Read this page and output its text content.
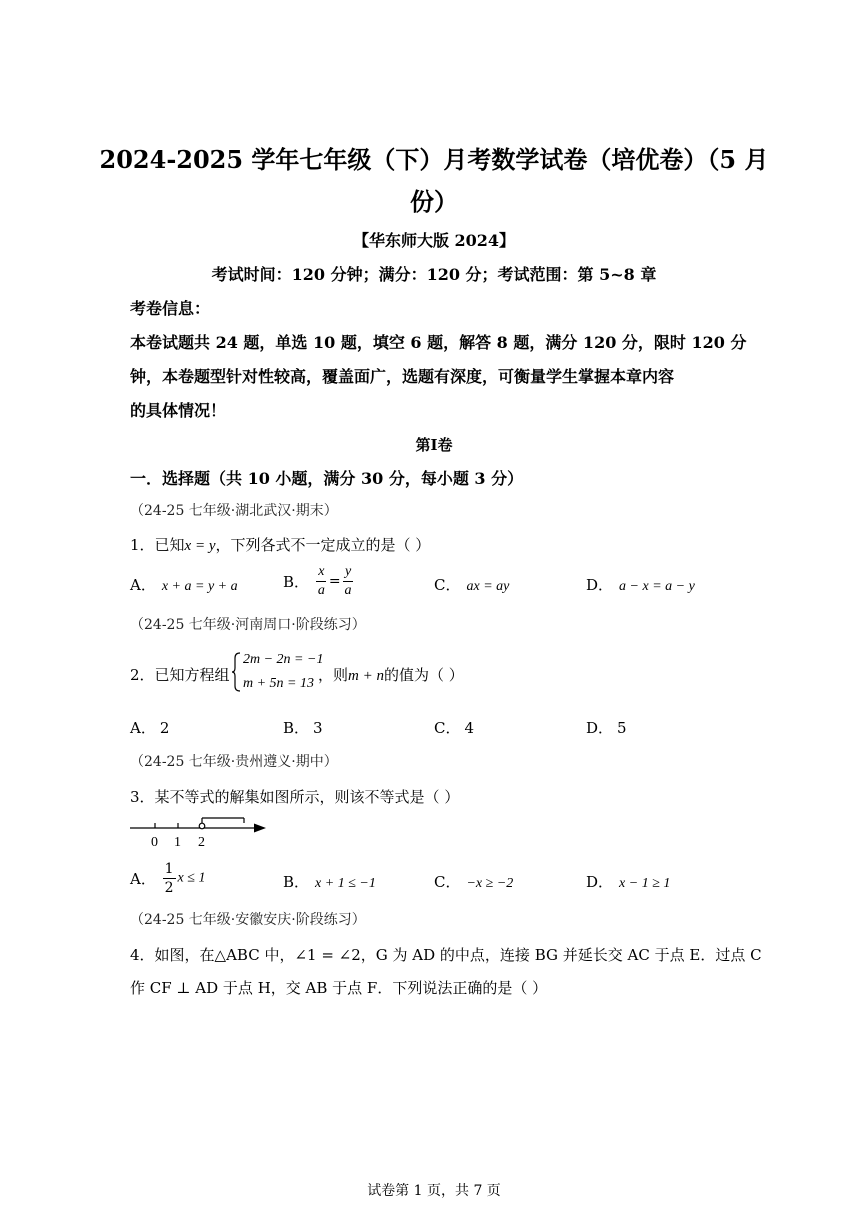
2024-2025 学年七年级（下）月考数学试卷（培优卷）（5 月
份）
【华东师大版 2024】
考试时间：120 分钟；满分：120 分；考试范围：第 5~8 章
考卷信息：
本卷试题共 24 题，单选 10 题，填空 6 题，解答 8 题，满分 120 分，限时 120 分
钟，本卷题型针对性较高，覆盖面广，选题有深度，可衡量学生掌握本章内容
的具体情况！
第Ⅰ卷
一．选择题（共 10 小题，满分 30 分，每小题 3 分）
（24-25 七年级·湖北武汉·期末）
1．已知x = y，下列各式不一定成立的是（ ）
A． x + a = y + a	B． $\frac{x}{a} = \frac{y}{a}$	C． ax = ay	D． a − x = a − y
（24-25 七年级·河南周口·阶段练习）
2．已知方程组
2m − 2n = −1
m + 5n = 13 ，则m + n的值为（ ）
A． 2	B． 3	C． 4	D． 5
（24-25 七年级·贵州遵义·期中）
3．某不等式的解集如图所示，则该不等式是（ ）
0 1 2
A． $\frac{1}{2}$ x ≤ 1	B． x + 1 ≤ −1	C． −x ≥ −2	D． x − 1 ≥ 1
（24-25 七年级·安徽安庆·阶段练习）
4．如图，在△ABC 中，∠1 = ∠2，G 为 AD 的中点，连接 BG 并延长交 AC 于点 E．过点 C
作 CF ⊥ AD 于点 H，交 AB 于点 F．下列说法正确的是（ ）
试卷第 1 页，共 7 页
